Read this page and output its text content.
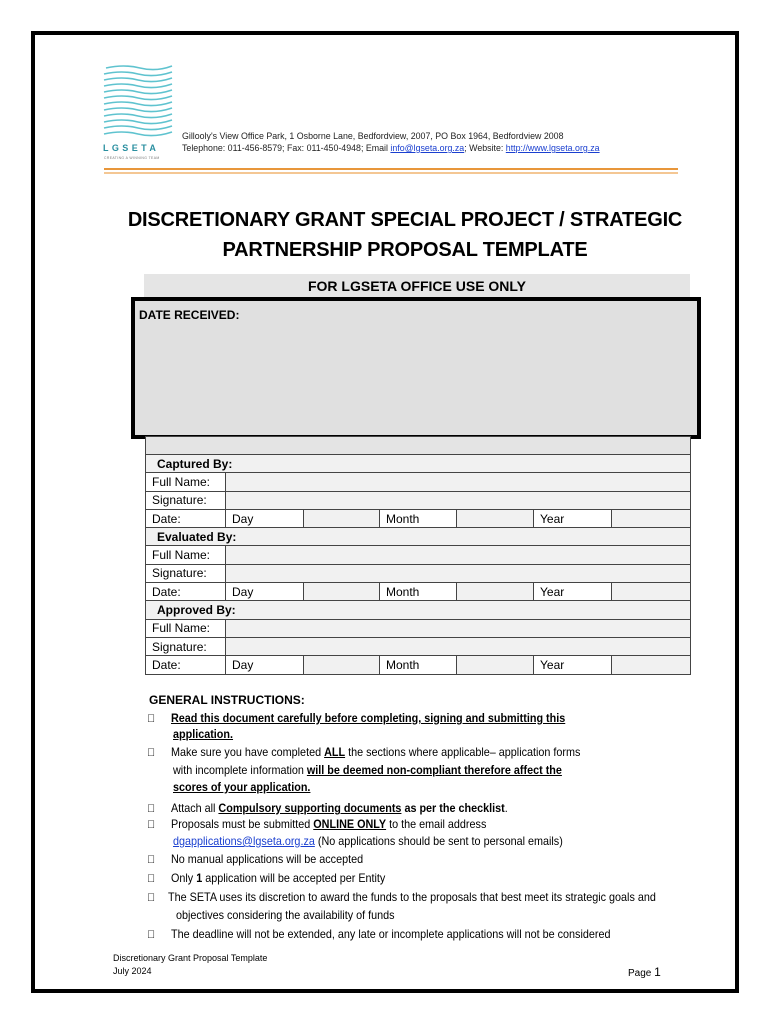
LGSETA
CREATING A WINNING TEAM
Gillooly's View Office Park, 1 Osborne Lane, Bedfordview, 2007, PO Box 1964, Bedfordview 2008
Telephone: 011-456-8579; Fax: 011-450-4948; Email info@lgseta.org.za; Website: http://www.lgseta.org.za
DISCRETIONARY GRANT SPECIAL PROJECT / STRATEGIC
PARTNERSHIP PROPOSAL TEMPLATE
FOR LGSETA OFFICE USE ONLY
DATE RECEIVED:

Captured By:						
Full Name:						
Signature:						
Date:	Day		Month		Year	
Evaluated By:						
Full Name:						
Signature:						
Date:	Day		Month		Year	
Approved By:						
Full Name:						
Signature:						
Date:	Day		Month		Year	
GENERAL INSTRUCTIONS:
Read this document carefully before completing, signing and submitting this
application.
Make sure you have completed ALL the sections where applicable– application forms
with incomplete information will be deemed non-compliant therefore affect the
scores of your application.
Attach all Compulsory supporting documents as per the checklist.
Proposals must be submitted ONLINE ONLY to the email address
dgapplications@lgseta.org.za (No applications should be sent to personal emails)
No manual applications will be accepted
Only 1 application will be accepted per Entity
The SETA uses its discretion to award the funds to the proposals that best meet its strategic goals and
objectives considering the availability of funds
The deadline will not be extended, any late or incomplete applications will not be considered
Discretionary Grant Proposal Template
July 2024	Page 1
